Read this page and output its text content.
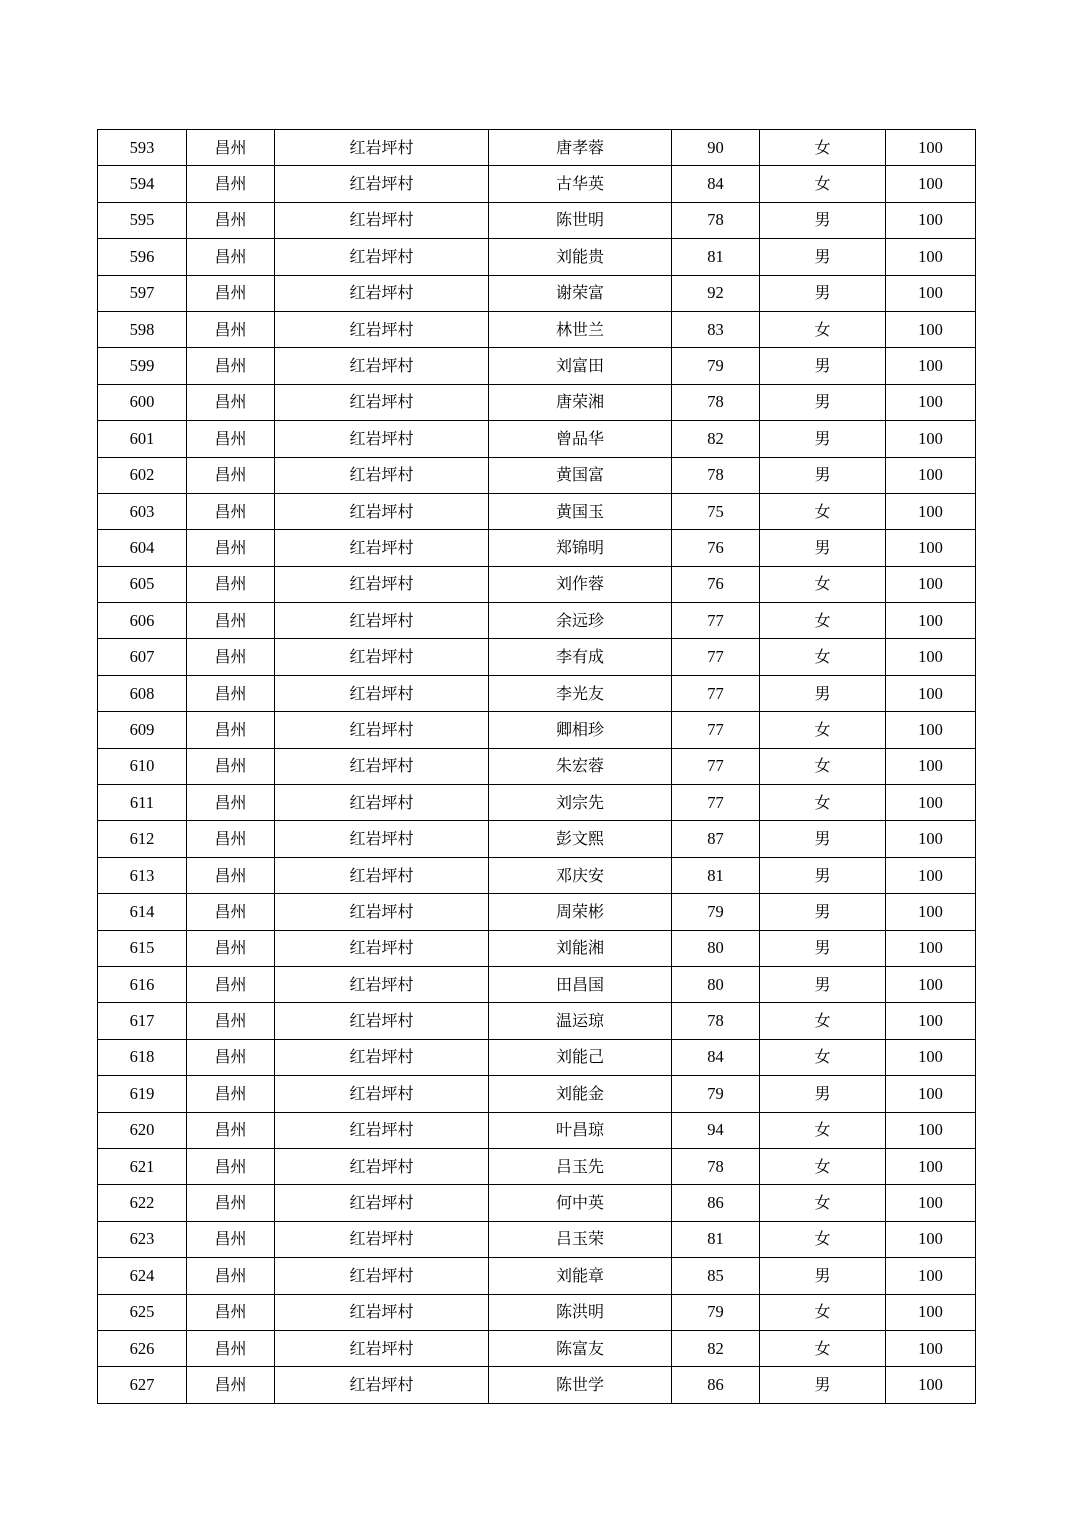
593	昌州	红岩坪村	唐孝蓉	90	女	100
594	昌州	红岩坪村	古华英	84	女	100
595	昌州	红岩坪村	陈世明	78	男	100
596	昌州	红岩坪村	刘能贵	81	男	100
597	昌州	红岩坪村	谢荣富	92	男	100
598	昌州	红岩坪村	林世兰	83	女	100
599	昌州	红岩坪村	刘富田	79	男	100
600	昌州	红岩坪村	唐荣湘	78	男	100
601	昌州	红岩坪村	曾品华	82	男	100
602	昌州	红岩坪村	黄国富	78	男	100
603	昌州	红岩坪村	黄国玉	75	女	100
604	昌州	红岩坪村	郑锦明	76	男	100
605	昌州	红岩坪村	刘作蓉	76	女	100
606	昌州	红岩坪村	余远珍	77	女	100
607	昌州	红岩坪村	李有成	77	女	100
608	昌州	红岩坪村	李光友	77	男	100
609	昌州	红岩坪村	卿相珍	77	女	100
610	昌州	红岩坪村	朱宏蓉	77	女	100
611	昌州	红岩坪村	刘宗先	77	女	100
612	昌州	红岩坪村	彭文熙	87	男	100
613	昌州	红岩坪村	邓庆安	81	男	100
614	昌州	红岩坪村	周荣彬	79	男	100
615	昌州	红岩坪村	刘能湘	80	男	100
616	昌州	红岩坪村	田昌国	80	男	100
617	昌州	红岩坪村	温运琼	78	女	100
618	昌州	红岩坪村	刘能己	84	女	100
619	昌州	红岩坪村	刘能金	79	男	100
620	昌州	红岩坪村	叶昌琼	94	女	100
621	昌州	红岩坪村	吕玉先	78	女	100
622	昌州	红岩坪村	何中英	86	女	100
623	昌州	红岩坪村	吕玉荣	81	女	100
624	昌州	红岩坪村	刘能章	85	男	100
625	昌州	红岩坪村	陈洪明	79	女	100
626	昌州	红岩坪村	陈富友	82	女	100
627	昌州	红岩坪村	陈世学	86	男	100
